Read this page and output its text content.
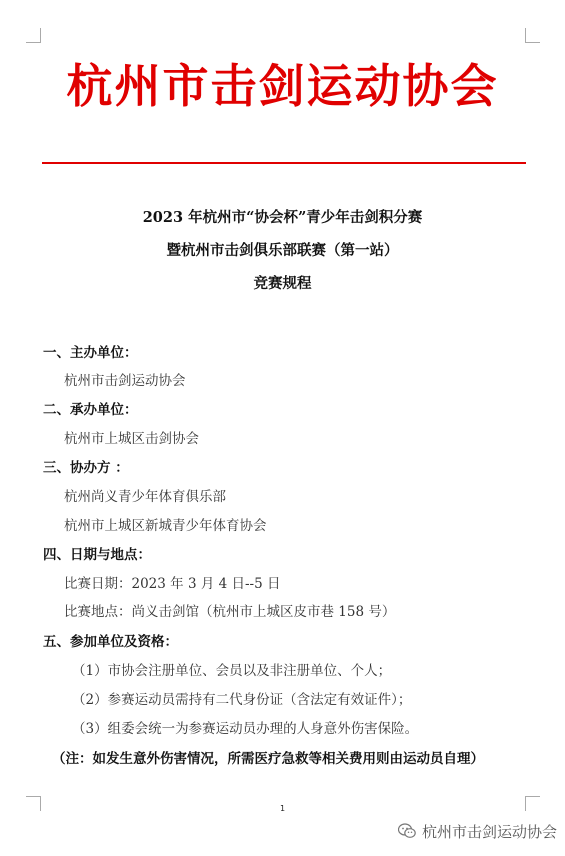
杭州市击剑运动协会
2023 年杭州市“协会杯”青少年击剑积分赛
暨杭州市击剑俱乐部联赛（第一站）
竞赛规程
一、主办单位：
杭州市击剑运动协会
二、承办单位：
杭州市上城区击剑协会
三、协办方 ：
杭州尚义青少年体育俱乐部
杭州市上城区新城青少年体育协会
四、日期与地点：
比赛日期：2023 年 3 月 4 日--5 日
比赛地点：尚义击剑馆（杭州市上城区皮市巷 158 号）
五、参加单位及资格：
（1）市协会注册单位、会员以及非注册单位、个人；
（2）参赛运动员需持有二代身份证（含法定有效证件）；
（3）组委会统一为参赛运动员办理的人身意外伤害保险。
（注：如发生意外伤害情况，所需医疗急救等相关费用则由运动员自理）
1
杭州市击剑运动协会
